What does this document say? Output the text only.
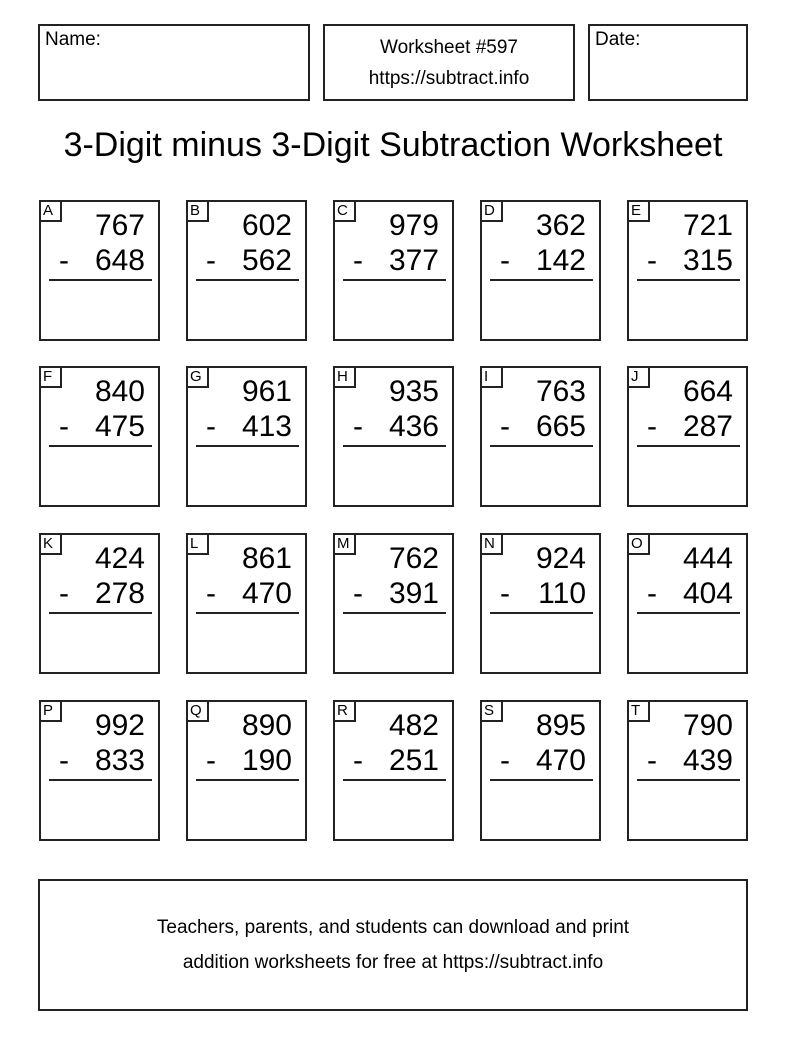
Name:	Worksheet #597
https://subtract.info
Date:
3-Digit minus 3-Digit Subtraction Worksheet
A 767
- 648
B 602
- 562
C 979
- 377
D 362
- 142
E 721
- 315
F	840
- 475
G 961
- 413
H 935
- 436
I	763
- 665
J	664
- 287
K 424
- 278
L	861
- 470
M 762
- 391
N 924
- 110
O 444
- 404
P 992
- 833
Q 890
- 190
R 482
- 251
S 895
- 470
T	790
- 439
Teachers, parents, and students can download and print
addition worksheets for free at https://subtract.info
